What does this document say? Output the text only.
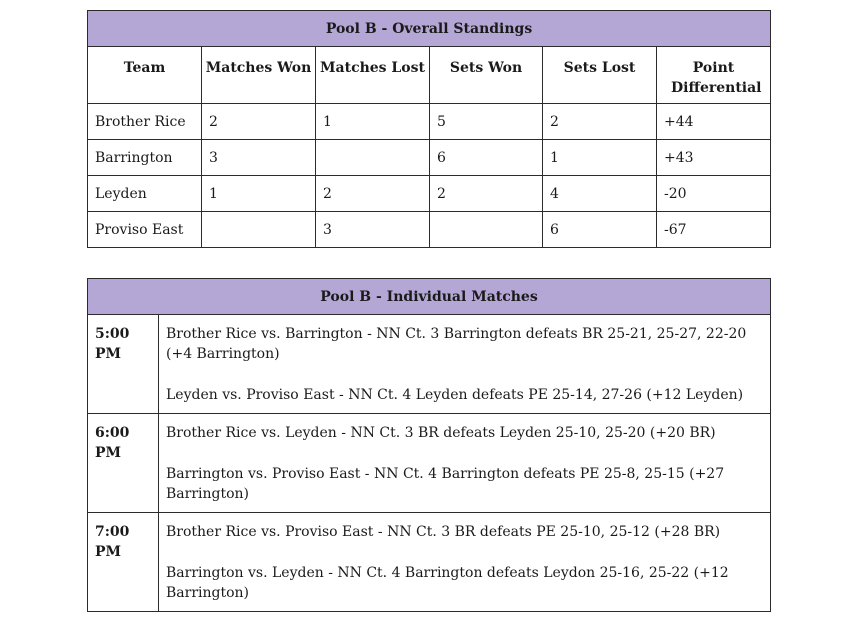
Pool B - Overall Standings					
Team	Matches Won	Matches Lost	Sets Won	Sets Lost	Point Differential
Brother Rice	2	1	5	2	+44
Barrington	3		6	1	+43
Leyden	1	2	2	4	-20
Proviso East		3		6	-67
Pool B - Individual Matches	
5:00 PM	Brother Rice vs. Barrington - NN Ct. 3 Barrington defeats BR 25-21, 25-27, 22-20 (+4 Barrington)

Leyden vs. Proviso East - NN Ct. 4 Leyden defeats PE 25-14, 27-26 (+12 Leyden)

6:00 PM	Brother Rice vs. Leyden - NN Ct. 3 BR defeats Leyden 25-10, 25-20 (+20 BR)

Barrington vs. Proviso East - NN Ct. 4 Barrington defeats PE 25-8, 25-15 (+27 Barrington)

7:00 PM	Brother Rice vs. Proviso East - NN Ct. 3 BR defeats PE 25-10, 25-12 (+28 BR)

Barrington vs. Leyden - NN Ct. 4 Barrington defeats Leydon 25-16, 25-22 (+12 Barrington)
